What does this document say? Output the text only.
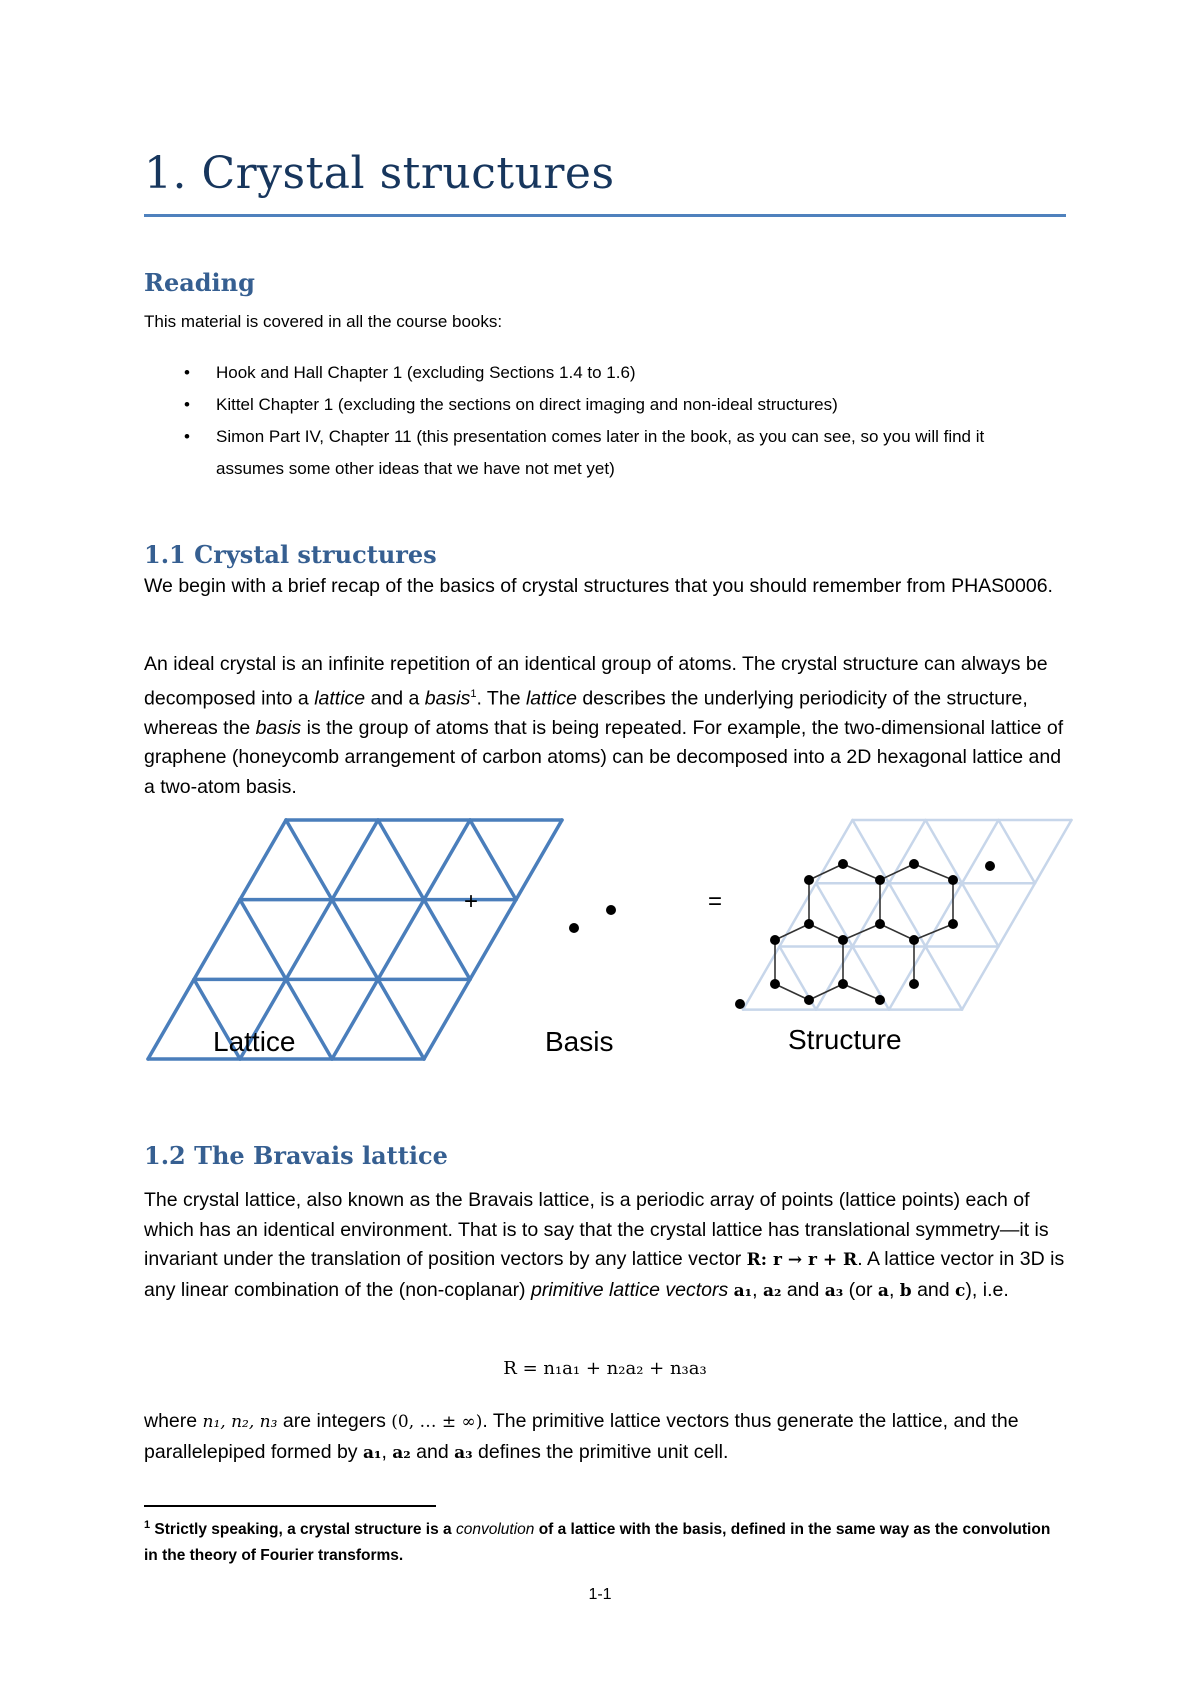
1. Crystal structures
Reading
This material is covered in all the course books:
• Hook and Hall Chapter 1 (excluding Sections 1.4 to 1.6)
• Kittel Chapter 1 (excluding the sections on direct imaging and non-ideal structures)
• Simon Part IV, Chapter 11 (this presentation comes later in the book, as you can see, so you will find it assumes some other ideas that we have not met yet)
1.1 Crystal structures
We begin with a brief recap of the basics of crystal structures that you should remember from PHAS0006.
An ideal crystal is an infinite repetition of an identical group of atoms. The crystal structure can always be decomposed into a lattice and a basis$^1$. The lattice describes the underlying periodicity of the structure, whereas the basis is the group of atoms that is being repeated. For example, the two-dimensional lattice of graphene (honeycomb arrangement of carbon atoms) can be decomposed into a 2D hexagonal lattice and a two-atom basis.
+	=
Lattice	Basis	Structure
1.2 The Bravais lattice
The crystal lattice, also known as the Bravais lattice, is a periodic array of points (lattice points) each of which has an identical environment. That is to say that the crystal lattice has translational symmetry—it is invariant under the translation of position vectors by any lattice vector R: r → r + R. A lattice vector in 3D is any linear combination of the (non-coplanar) primitive lattice vectors a₁, a₂ and a₃ (or a, b and c), i.e.
R = n₁a₁ + n₂a₂ + n₃a₃
where n₁, n₂, n₃ are integers (0, … ± ∞). The primitive lattice vectors thus generate the lattice, and the parallelepiped formed by a₁, a₂ and a₃ defines the primitive unit cell.
$^1$ Strictly speaking, a crystal structure is a convolution of a lattice with the basis, defined in the same way as the convolution in the theory of Fourier transforms.
1-1
